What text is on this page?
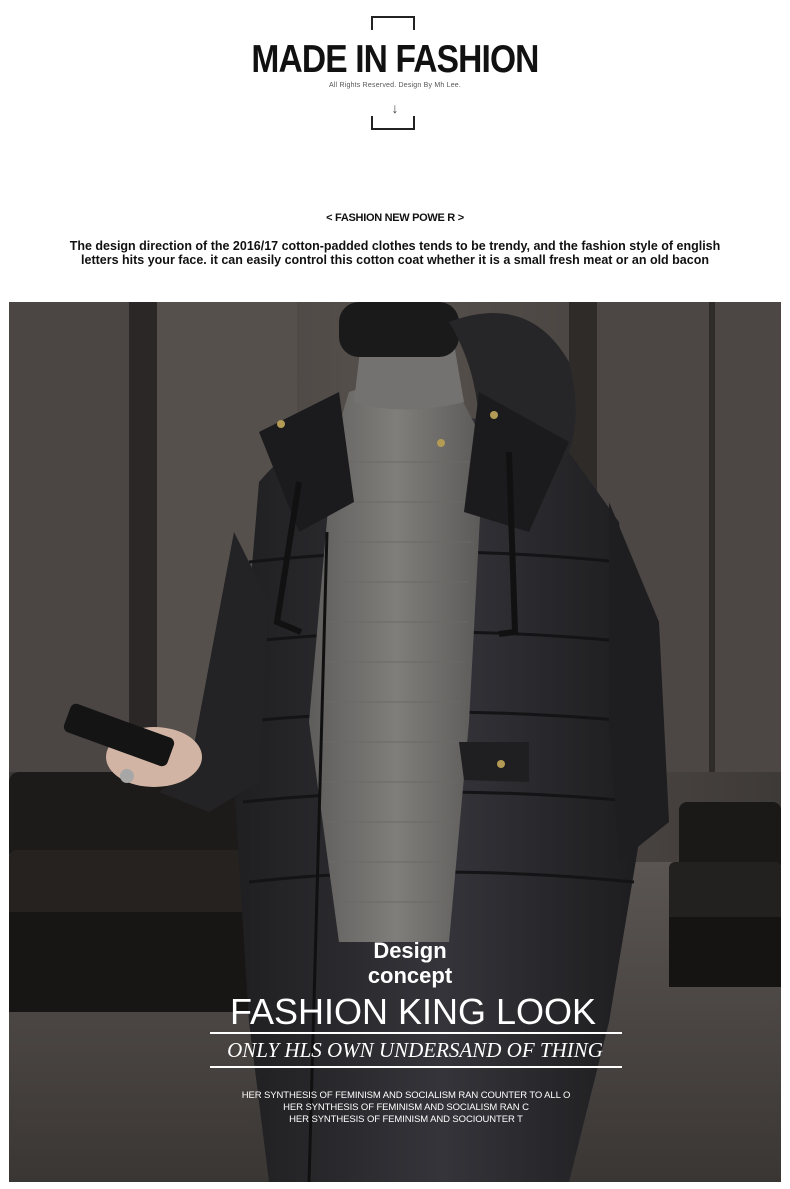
MADE IN FASHION
All Rights Reserved. Design By Mh Lee.
↓
< FASHION NEW POWE R >
The design direction of the 2016/17 cotton-padded clothes tends to be trendy, and the fashion style of english
letters hits your face. it can easily control this cotton coat whether it is a small fresh meat or an old bacon
Design
concept
FASHION KING LOOK
ONLY HLS OWN UNDERSAND OF THING
HER SYNTHESIS OF FEMINISM AND SOCIALISM RAN COUNTER TO ALL O
HER SYNTHESIS OF FEMINISM AND SOCIALISM RAN C
HER SYNTHESIS OF FEMINISM AND SOCIOUNTER T
